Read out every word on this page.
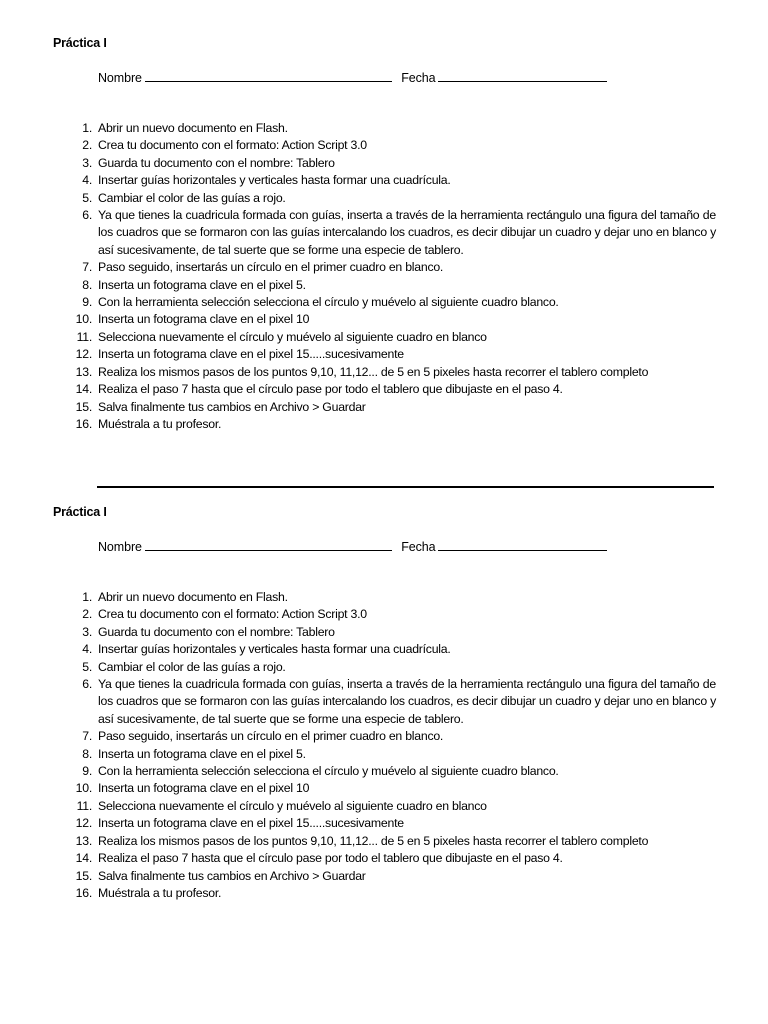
Práctica I
Nombre	Fecha
1. Abrir un nuevo documento en Flash.
2. Crea tu documento con el formato: Action Script 3.0
3. Guarda tu documento con el nombre: Tablero
4. Insertar guías horizontales y verticales hasta formar una cuadrícula.
5. Cambiar el color de las guías a rojo.
6. Ya que tienes la cuadricula formada con guías, inserta a través de la herramienta rectángulo una figura del tamaño de los cuadros que se formaron con las guías intercalando los cuadros, es decir dibujar un cuadro y dejar uno en blanco y así sucesivamente, de tal suerte que se forme una especie de tablero.
7. Paso seguido, insertarás un círculo en el primer cuadro en blanco.
8. Inserta un fotograma clave en el pixel 5.
9. Con la herramienta selección selecciona el círculo y muévelo al siguiente cuadro blanco.
10. Inserta un fotograma clave en el pixel 10
11. Selecciona nuevamente el círculo y muévelo al siguiente cuadro en blanco
12. Inserta un fotograma clave en el pixel 15.....sucesivamente
13. Realiza los mismos pasos de los puntos 9,10, 11,12... de 5 en 5 pixeles hasta recorrer el tablero completo
14. Realiza el paso 7 hasta que el círculo pase por todo el tablero que dibujaste en el paso 4.
15. Salva finalmente tus cambios en Archivo > Guardar
16. Muéstrala a tu profesor.
Práctica I
Nombre	Fecha
1. Abrir un nuevo documento en Flash.
2. Crea tu documento con el formato: Action Script 3.0
3. Guarda tu documento con el nombre: Tablero
4. Insertar guías horizontales y verticales hasta formar una cuadrícula.
5. Cambiar el color de las guías a rojo.
6. Ya que tienes la cuadricula formada con guías, inserta a través de la herramienta rectángulo una figura del tamaño de los cuadros que se formaron con las guías intercalando los cuadros, es decir dibujar un cuadro y dejar uno en blanco y así sucesivamente, de tal suerte que se forme una especie de tablero.
7. Paso seguido, insertarás un círculo en el primer cuadro en blanco.
8. Inserta un fotograma clave en el pixel 5.
9. Con la herramienta selección selecciona el círculo y muévelo al siguiente cuadro blanco.
10. Inserta un fotograma clave en el pixel 10
11. Selecciona nuevamente el círculo y muévelo al siguiente cuadro en blanco
12. Inserta un fotograma clave en el pixel 15.....sucesivamente
13. Realiza los mismos pasos de los puntos 9,10, 11,12... de 5 en 5 pixeles hasta recorrer el tablero completo
14. Realiza el paso 7 hasta que el círculo pase por todo el tablero que dibujaste en el paso 4.
15. Salva finalmente tus cambios en Archivo > Guardar
16. Muéstrala a tu profesor.
